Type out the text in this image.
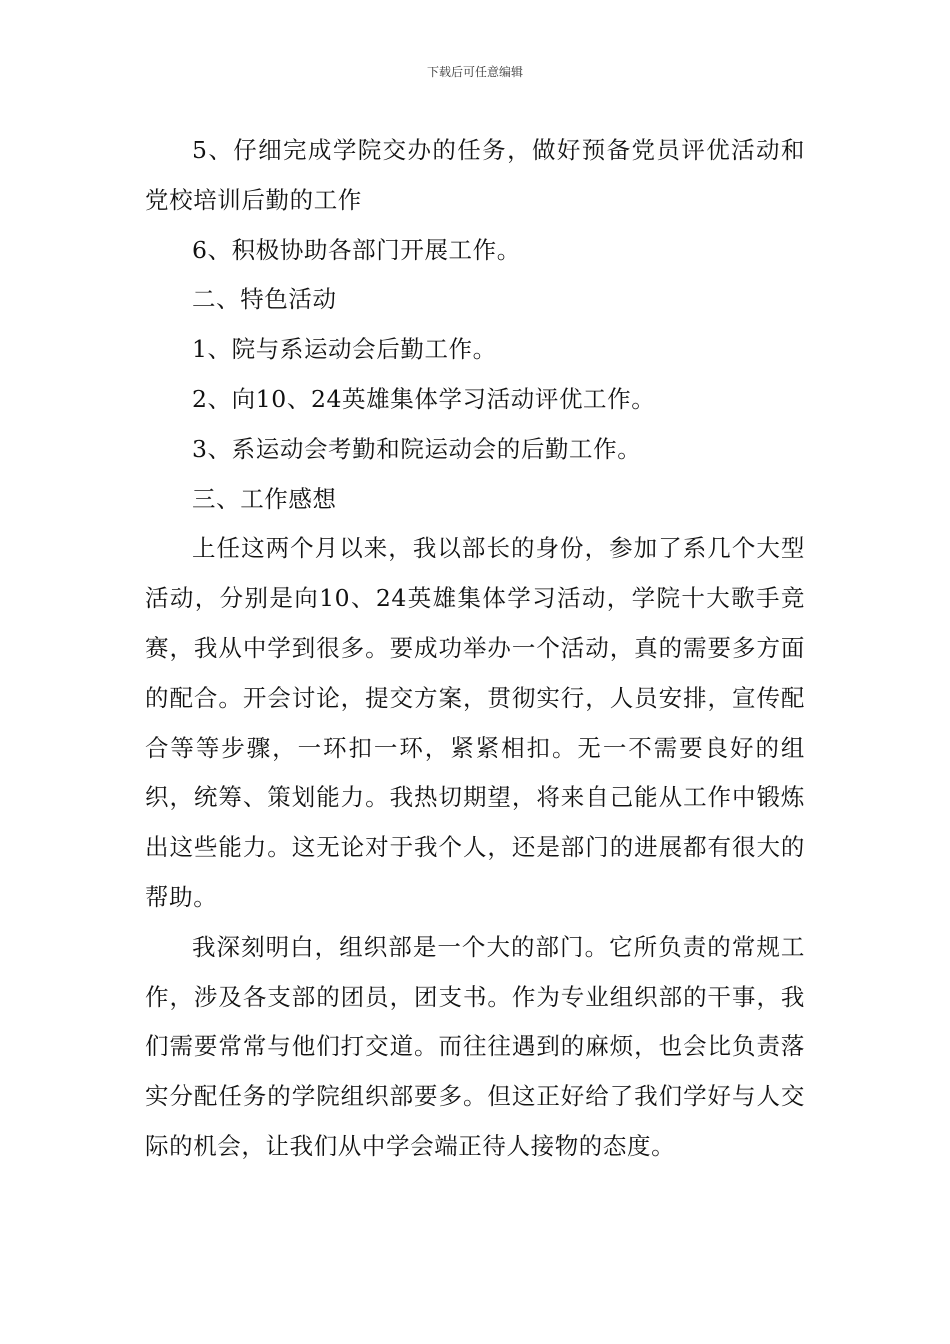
下载后可任意编辑

5、仔细完成学院交办的任务，做好预备党员评优活动和党校培训后勤的工作

6、积极协助各部门开展工作。

二、特色活动

1、院与系运动会后勤工作。

2、向10、24英雄集体学习活动评优工作。

3、系运动会考勤和院运动会的后勤工作。

三、工作感想

上任这两个月以来，我以部长的身份，参加了系几个大型活动，分别是向10、24英雄集体学习活动，学院十大歌手竞赛，我从中学到很多。要成功举办一个活动，真的需要多方面的配合。开会讨论，提交方案，贯彻实行，人员安排，宣传配合等等步骤，一环扣一环，紧紧相扣。无一不需要良好的组织，统筹、策划能力。我热切期望，将来自己能从工作中锻炼出这些能力。这无论对于我个人，还是部门的进展都有很大的帮助。

我深刻明白，组织部是一个大的部门。它所负责的常规工作，涉及各支部的团员，团支书。作为专业组织部的干事，我们需要常常与他们打交道。而往往遇到的麻烦，也会比负责落实分配任务的学院组织部要多。但这正好给了我们学好与人交际的机会，让我们从中学会端正待人接物的态度。
